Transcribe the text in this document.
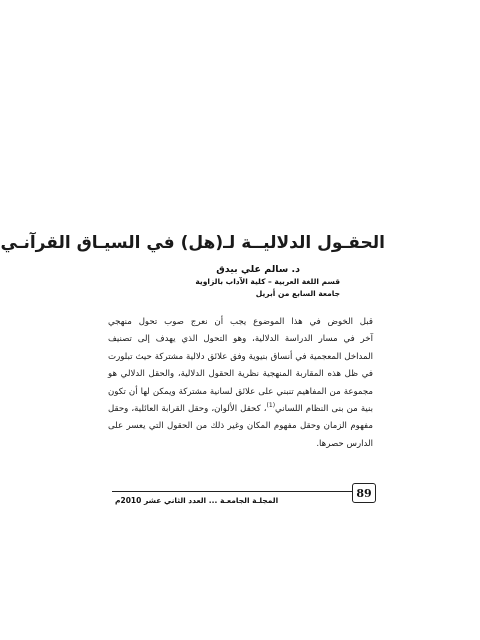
الحقـول الدلاليــة لـ(هل) في السيـاق القرآنـي
د. سالم علي بيدق
قسم اللغة العربية – كلية الآداب بالزاوية
جامعة السابع من أبريل
قبل الخوض في هذا الموضوع يجب أن نعرج صوب تحول منهجي
آخر في مسار الدراسة الدلالية، وهو التحول الذي يهدف إلى تصنيف
المداخل المعجمية في أنساق بنيوية وفق علائق دلالية مشتركة حيث تبلورت
في ظل هذه المقاربة المنهجية نظرية الحقول الدلالية، والحقل الدلالي هو
مجموعة من المفاهيم تنبني على علائق لسانية مشتركة ويمكن لها أن تكون
بنية من بنى النظام اللساني$^{(1)}$، كحقل الألوان، وحقل القرابة العائلية، وحقل
مفهوم الزمان وحقل مفهوم المكان وغير ذلك من الحقول التي يعسر على
الدارس حصرها.
المجلـة الجامعـة ... العدد الثاني عشر 2010م
89
